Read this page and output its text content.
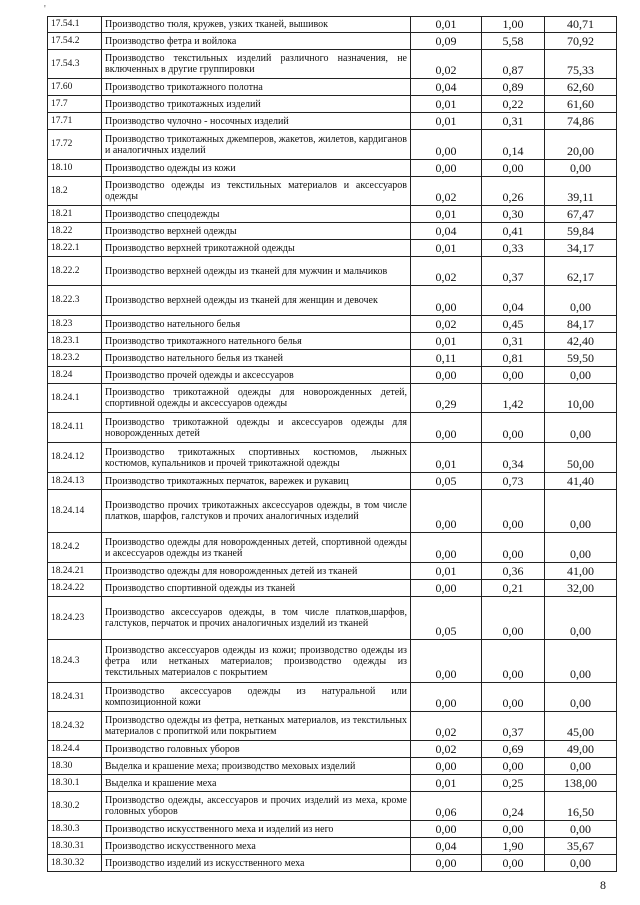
'
17.54.1	Производство тюля, кружев, узких тканей, вышивок	0,01	1,00	40,71
17.54.2	Производство фетра и войлока	0,09	5,58	70,92
17.54.3	Производство текстильных изделий различного назначения, не включенных в другие группировки	0,02	0,87	75,33
17.60	Производство трикотажного полотна	0,04	0,89	62,60
17.7	Производство трикотажных изделий	0,01	0,22	61,60
17.71	Производство чулочно - носочных изделий	0,01	0,31	74,86
17.72	Производство трикотажных джемперов, жакетов, жилетов, кардиганов и аналогичных изделий	0,00	0,14	20,00
18.10	Производство одежды из кожи	0,00	0,00	0,00
18.2	Производство одежды из текстильных материалов и аксессуаров одежды	0,02	0,26	39,11
18.21	Производство спецодежды	0,01	0,30	67,47
18.22	Производство верхней одежды	0,04	0,41	59,84
18.22.1	Производство верхней трикотажной одежды	0,01	0,33	34,17
18.22.2	Производство верхней одежды из тканей для мужчин и мальчиков	0,02	0,37	62,17
18.22.3	Производство верхней одежды из тканей для женщин и девочек	0,00	0,04	0,00
18.23	Производство нательного белья	0,02	0,45	84,17
18.23.1	Производство трикотажного нательного белья	0,01	0,31	42,40
18.23.2	Производство нательного белья из тканей	0,11	0,81	59,50
18.24	Производство прочей одежды и аксессуаров	0,00	0,00	0,00
18.24.1	Производство трикотажной одежды для новорожденных детей, спортивной одежды и аксессуаров одежды	0,29	1,42	10,00
18.24.11	Производство трикотажной одежды и аксессуаров одежды для новорожденных детей	0,00	0,00	0,00
18.24.12	Производство трикотажных спортивных костюмов, лыжных костюмов, купальников и прочей трикотажной одежды	0,01	0,34	50,00
18.24.13	Производство трикотажных перчаток, варежек и рукавиц	0,05	0,73	41,40
18.24.14	Производство прочих трикотажных аксессуаров одежды, в том числе платков, шарфов, галстуков и прочих аналогичных изделий	0,00	0,00	0,00
18.24.2	Производство одежды для новорожденных детей, спортивной одежды и аксессуаров одежды из тканей	0,00	0,00	0,00
18.24.21	Производство одежды для новорожденных детей из тканей	0,01	0,36	41,00
18.24.22	Производство спортивной одежды из тканей	0,00	0,21	32,00
18.24.23	Производство аксессуаров одежды, в том числе платков,шарфов, галстуков, перчаток и прочих аналогичных изделий из тканей	0,05	0,00	0,00
18.24.3	Производство аксессуаров одежды из кожи; производство одежды из фетра или нетканых материалов; производство одежды из текстильных материалов с покрытием	0,00	0,00	0,00
18.24.31	Производство аксессуаров одежды из натуральной или композиционной кожи	0,00	0,00	0,00
18.24.32	Производство одежды из фетра, нетканых материалов, из текстильных материалов с пропиткой или покрытием	0,02	0,37	45,00
18.24.4	Производство головных уборов	0,02	0,69	49,00
18.30	Выделка и крашение меха; производство меховых изделий	0,00	0,00	0,00
18.30.1	Выделка и крашение меха	0,01	0,25	138,00
18.30.2	Производство одежды, аксессуаров и прочих изделий из меха, кроме головных уборов	0,06	0,24	16,50
18.30.3	Производство искусственного меха и изделий из него	0,00	0,00	0,00
18.30.31	Производство искусственного меха	0,04	1,90	35,67
18.30.32	Производство изделий из искусственного меха	0,00	0,00	0,00
8
